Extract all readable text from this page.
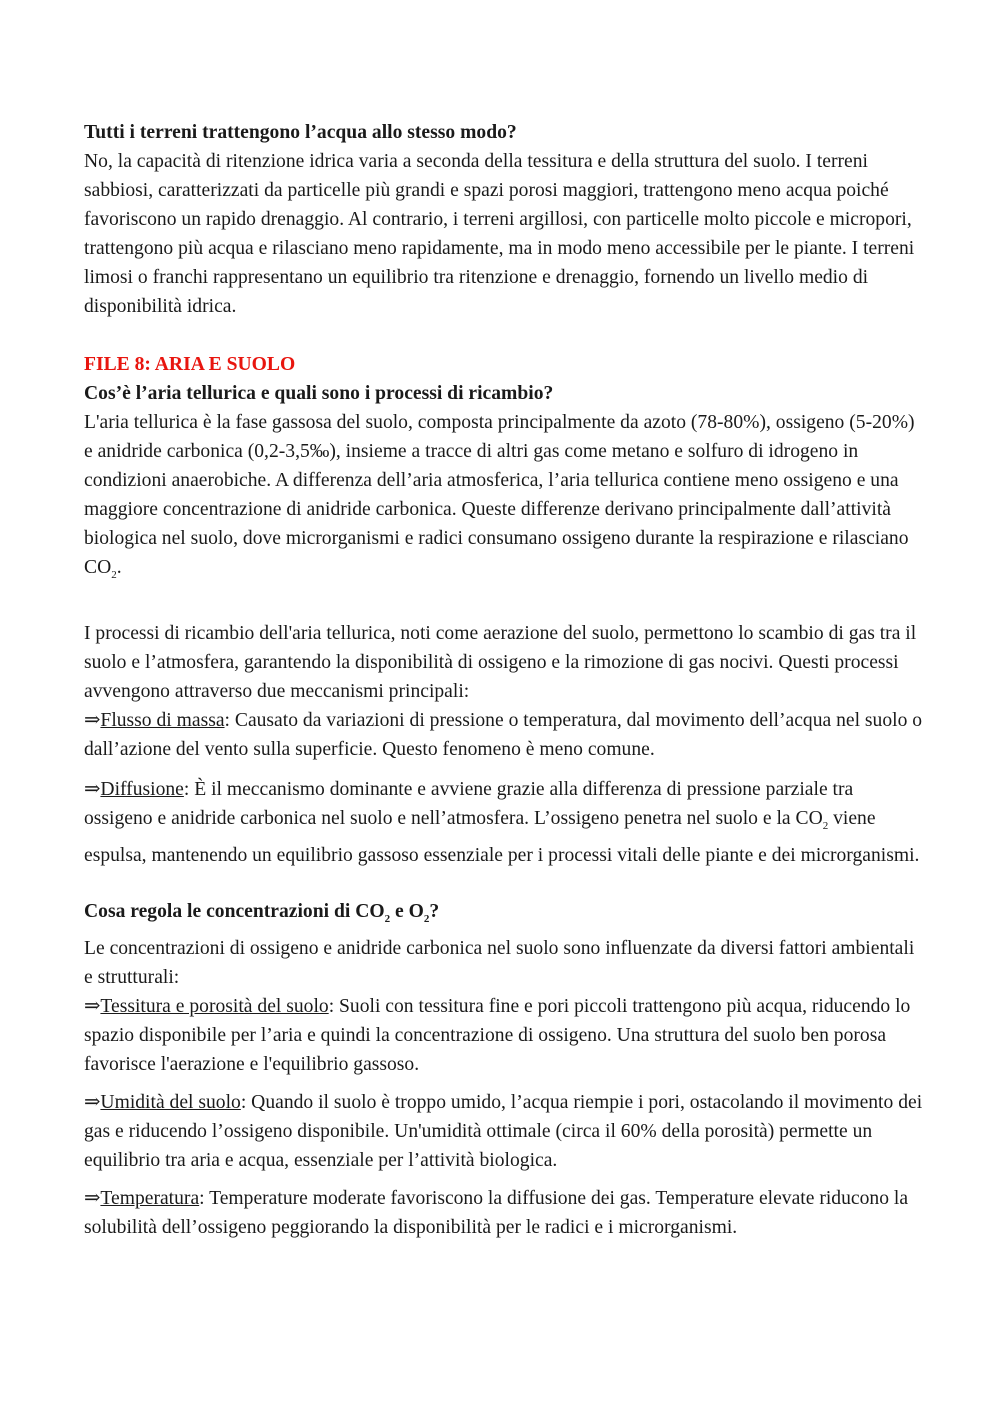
Tutti i terreni trattengono l’acqua allo stesso modo?

No, la capacità di ritenzione idrica varia a seconda della tessitura e della struttura del suolo. I terreni sabbiosi, caratterizzati da particelle più grandi e spazi porosi maggiori, trattengono meno acqua poiché favoriscono un rapido drenaggio. Al contrario, i terreni argillosi, con particelle molto piccole e micropori, trattengono più acqua e rilasciano meno rapidamente, ma in modo meno accessibile per le piante. I terreni limosi o franchi rappresentano un equilibrio tra ritenzione e drenaggio, fornendo un livello medio di disponibilità idrica.

FILE 8: ARIA E SUOLO

Cos’è l’aria tellurica e quali sono i processi di ricambio?

L'aria tellurica è la fase gassosa del suolo, composta principalmente da azoto (78-80%), ossigeno (5-20%) e anidride carbonica (0,2-3,5‰), insieme a tracce di altri gas come metano e solfuro di idrogeno in condizioni anaerobiche. A differenza dell’aria atmosferica, l’aria tellurica contiene meno ossigeno e una maggiore concentrazione di anidride carbonica. Queste differenze derivano principalmente dall’attività biologica nel suolo, dove microrganismi e radici consumano ossigeno durante la respirazione e rilasciano $CO_2$.

I processi di ricambio dell'aria tellurica, noti come aerazione del suolo, permettono lo scambio di gas tra il suolo e l’atmosfera, garantendo la disponibilità di ossigeno e la rimozione di gas nocivi. Questi processi avvengono attraverso due meccanismi principali:

⇒Flusso di massa: Causato da variazioni di pressione o temperatura, dal movimento dell’acqua nel suolo o dall’azione del vento sulla superficie. Questo fenomeno è meno comune.

⇒Diffusione: È il meccanismo dominante e avviene grazie alla differenza di pressione parziale tra ossigeno e anidride carbonica nel suolo e nell’atmosfera. L’ossigeno penetra nel suolo e la $CO_2$ viene espulsa, mantenendo un equilibrio gassoso essenziale per i processi vitali delle piante e dei microrganismi.

Cosa regola le concentrazioni di $CO_2$ e $O_2$?

Le concentrazioni di ossigeno e anidride carbonica nel suolo sono influenzate da diversi fattori ambientali e strutturali:

⇒Tessitura e porosità del suolo: Suoli con tessitura fine e pori piccoli trattengono più acqua, riducendo lo spazio disponibile per l’aria e quindi la concentrazione di ossigeno. Una struttura del suolo ben porosa favorisce l'aerazione e l'equilibrio gassoso.

⇒Umidità del suolo: Quando il suolo è troppo umido, l’acqua riempie i pori, ostacolando il movimento dei gas e riducendo l’ossigeno disponibile. Un'umidità ottimale (circa il 60% della porosità) permette un equilibrio tra aria e acqua, essenziale per l’attività biologica.

⇒Temperatura: Temperature moderate favoriscono la diffusione dei gas. Temperature elevate riducono la solubilità dell’ossigeno peggiorando la disponibilità per le radici e i microrganismi.
